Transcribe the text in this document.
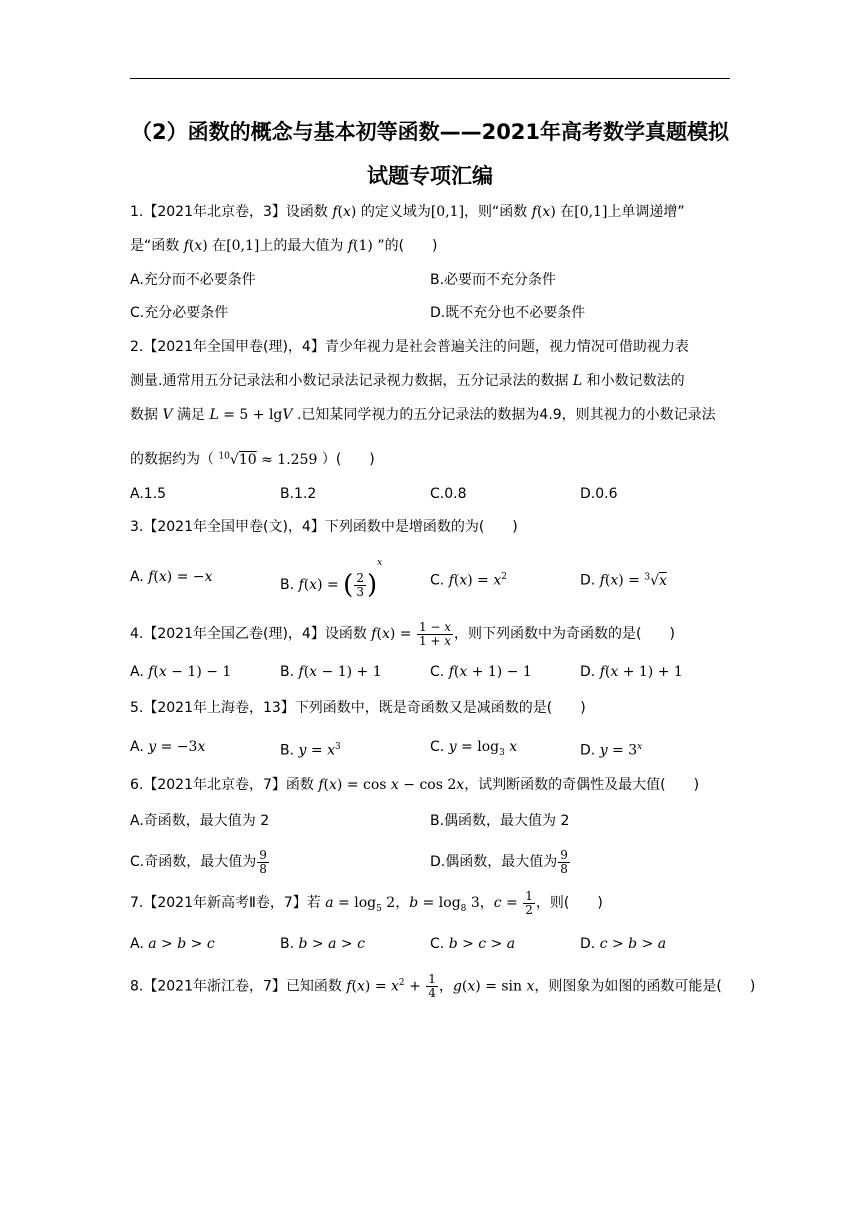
（2）函数的概念与基本初等函数——2021年高考数学真题模拟
试题专项汇编
1.【2021年北京卷，3】设函数 f(x) 的定义域为[0,1]，则“函数 f(x) 在[0,1]上单调递增”
是“函数 f(x) 在[0,1]上的最大值为 f(1) ”的(　　)
A.充分而不必要条件	B.必要而不充分条件
C.充分必要条件	D.既不充分也不必要条件
2.【2021年全国甲卷(理)，4】青少年视力是社会普遍关注的问题，视力情况可借助视力表
测量.通常用五分记录法和小数记录法记录视力数据，五分记录法的数据 L 和小数记数法的
数据 V 满足 L = 5 + lgV .已知某同学视力的五分记录法的数据为4.9，则其视力的小数记录法
的数据约为（ $^{10}$√10 ≈ 1.259 ）(　　)
A.1.5	B.1.2	C.0.8	D.0.6
3.【2021年全国甲卷(文)，4】下列函数中是增函数的为(　　)
A. f(x) = −x	B. f(x) = ( $\frac{2}{3} )^x$
C. $f(x) = x^2$	D. f(x) = $^3$√x
4.【2021年全国乙卷(理)，4】设函数 $f(x) = \frac{1 - x}{1 + x}$ ，则下列函数中为奇函数的是(　　)
A. f(x − 1) − 1	B. f(x − 1) + 1	C. f(x + 1) − 1	D. f(x + 1) + 1
5.【2021年上海卷，13】下列函数中，既是奇函数又是减函数的是(　　)
A. y = −3x	B. $y = x^3$	C. $y = \log_3 x$	D. $y = 3^x$
6.【2021年北京卷，7】函数 f(x) = cos x − cos 2x，试判断函数的奇偶性及最大值(　　)
A.奇函数，最大值为 2	B.偶函数，最大值为 2
C.奇函数，最大值为 $\frac{9}{8}$	D.偶函数，最大值为 $\frac{9}{8}$
7.【2021年新高考Ⅱ卷，7】若 $a = \log_5 2$，$b = \log_8 3$，$c = \frac{1}{2}$ ，则(　　)
A. a > b > c	B. b > a > c	C. b > c > a	D. c > b > a
8.【2021年浙江卷，7】已知函数 $f(x) = x^2 + \frac{1}{4}$ ，g(x) = sin x，则图象为如图的函数可能是(　　)
